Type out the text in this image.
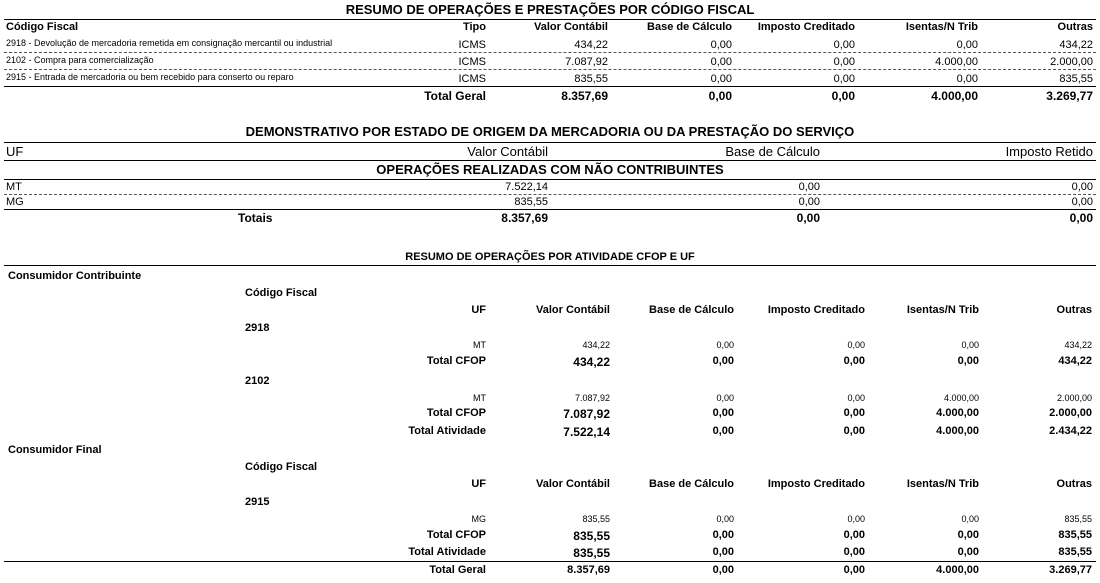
RESUMO DE OPERAÇÕES E PRESTAÇÕES POR CÓDIGO FISCAL
Código Fiscal	Tipo	Valor Contábil	Base de Cálculo	Imposto Creditado	Isentas/N Trib	Outras
2918 - Devolução de mercadoria remetida em consignação mercantil ou industrial	ICMS	434,22	0,00	0,00	0,00	434,22
2102 - Compra para comercialização	ICMS	7.087,92	0,00	0,00	4.000,00	2.000,00
2915 - Entrada de mercadoria ou bem recebido para conserto ou reparo	ICMS	835,55	0,00	0,00	0,00	835,55
Total Geral	8.357,69	0,00	0,00	4.000,00	3.269,77
DEMONSTRATIVO POR ESTADO DE ORIGEM DA MERCADORIA OU DA PRESTAÇÃO DO SERVIÇO
UF	Valor Contábil	Base de Cálculo	Imposto Retido
OPERAÇÕES REALIZADAS COM NÃO CONTRIBUINTES
MT	7.522,14	0,00	0,00
MG	835,55	0,00	0,00
Totais	8.357,69	0,00	0,00
RESUMO DE OPERAÇÕES POR ATIVIDADE CFOP E UF
Consumidor Contribuinte
Código Fiscal
UF	Valor Contábil	Base de Cálculo	Imposto Creditado	Isentas/N Trib	Outras
2918
MT	434,22	0,00	0,00	0,00	434,22
Total CFOP	434,22	0,00	0,00	0,00	434,22
2102
MT	7.087,92	0,00	0,00	4.000,00	2.000,00
Total CFOP	7.087,92	0,00	0,00	4.000,00	2.000,00
Total Atividade	7.522,14	0,00	0,00	4.000,00	2.434,22
Consumidor Final
Código Fiscal
UF	Valor Contábil	Base de Cálculo	Imposto Creditado	Isentas/N Trib	Outras
2915
MG	835,55	0,00	0,00	0,00	835,55
Total CFOP	835,55	0,00	0,00	0,00	835,55
Total Atividade	835,55	0,00	0,00	0,00	835,55
Total Geral	8.357,69	0,00	0,00	4.000,00	3.269,77
